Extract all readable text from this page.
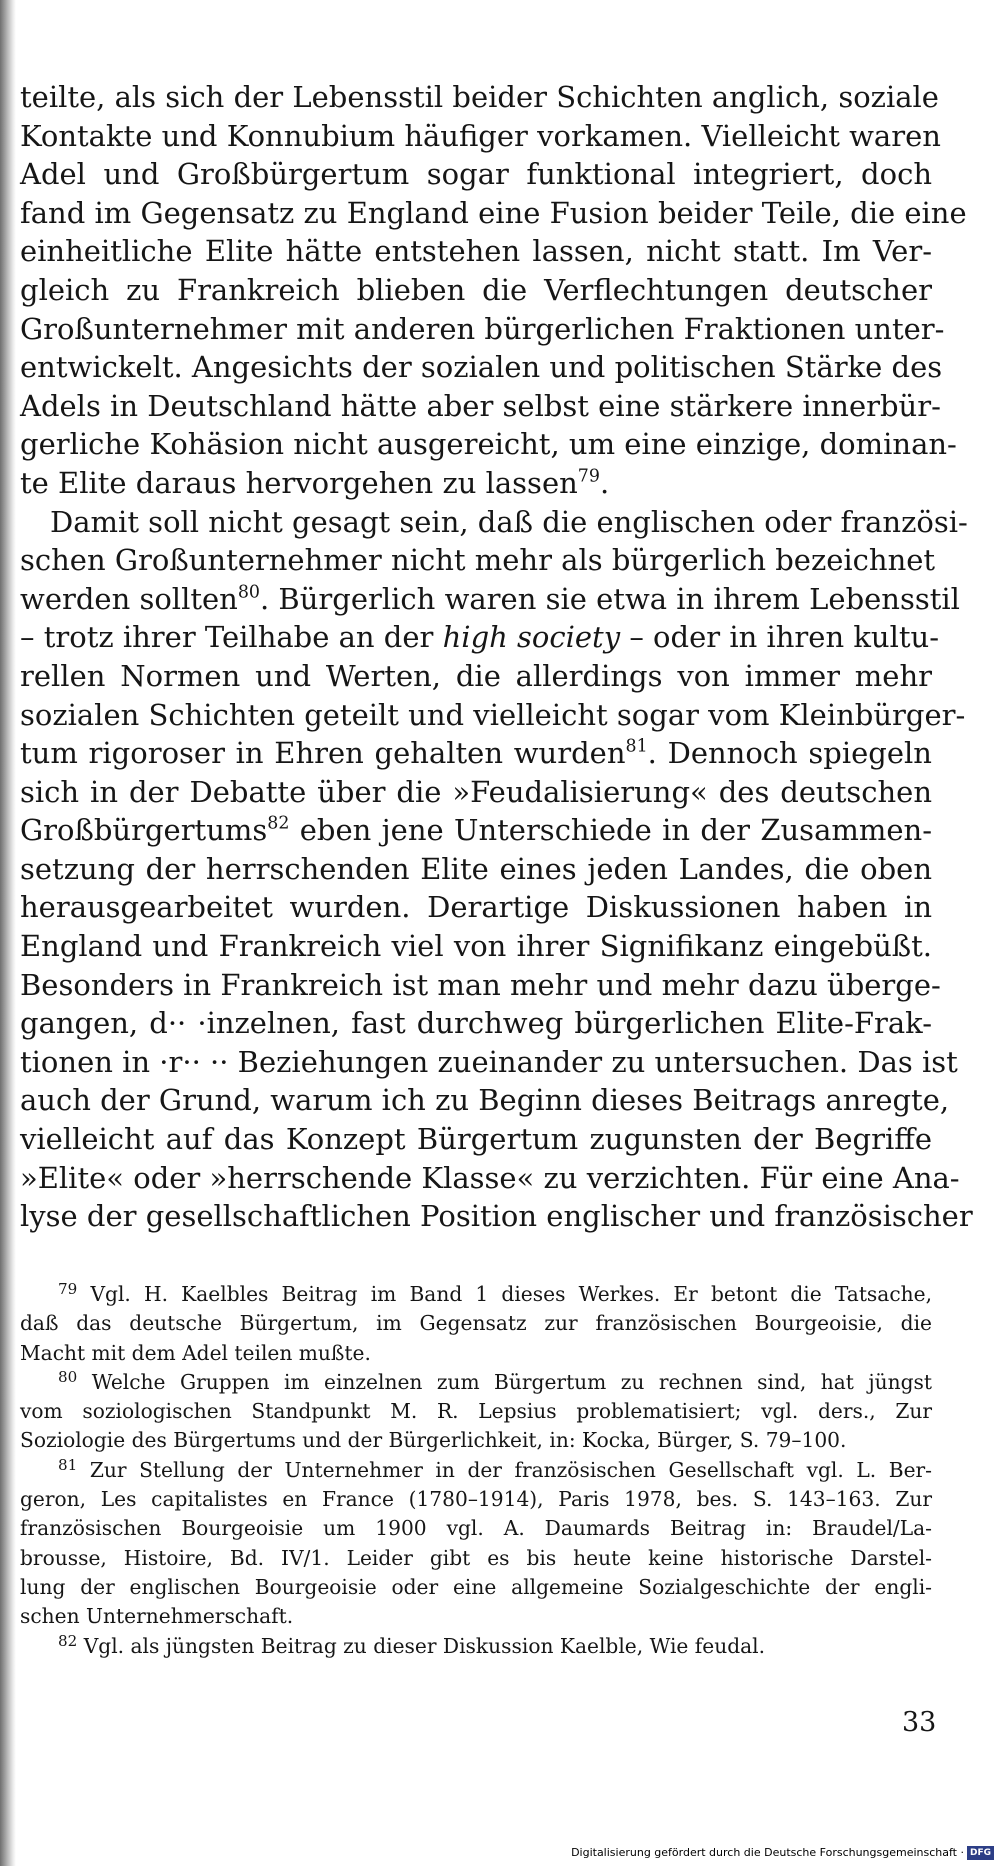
teilte, als sich der Lebensstil beider Schichten anglich, soziale
Kontakte und Konnubium häufiger vorkamen. Vielleicht waren
Adel und Großbürgertum sogar funktional integriert, doch
fand im Gegensatz zu England eine Fusion beider Teile, die eine
einheitliche Elite hätte entstehen lassen, nicht statt. Im Ver-
gleich zu Frankreich blieben die Verflechtungen deutscher
Großunternehmer mit anderen bürgerlichen Fraktionen unter-
entwickelt. Angesichts der sozialen und politischen Stärke des
Adels in Deutschland hätte aber selbst eine stärkere innerbür-
gerliche Kohäsion nicht ausgereicht, um eine einzige, dominan-
te Elite daraus hervorgehen zu lassen$^{79}$.
Damit soll nicht gesagt sein, daß die englischen oder französi-
schen Großunternehmer nicht mehr als bürgerlich bezeichnet
werden sollten$^{80}$. Bürgerlich waren sie etwa in ihrem Lebensstil
– trotz ihrer Teilhabe an der high society – oder in ihren kultu-
rellen Normen und Werten, die allerdings von immer mehr
sozialen Schichten geteilt und vielleicht sogar vom Kleinbürger-
tum rigoroser in Ehren gehalten wurden$^{81}$. Dennoch spiegeln
sich in der Debatte über die »Feudalisierung« des deutschen
Großbürgertums$^{82}$ eben jene Unterschiede in der Zusammen-
setzung der herrschenden Elite eines jeden Landes, die oben
herausgearbeitet wurden. Derartige Diskussionen haben in
England und Frankreich viel von ihrer Signifikanz eingebüßt.
Besonders in Frankreich ist man mehr und mehr dazu überge-
gangen, d·· ·inzelnen, fast durchweg bürgerlichen Elite-Frak-
tionen in ·r·· ·· Beziehungen zueinander zu untersuchen. Das ist
auch der Grund, warum ich zu Beginn dieses Beitrags anregte,
vielleicht auf das Konzept Bürgertum zugunsten der Begriffe
»Elite« oder »herrschende Klasse« zu verzichten. Für eine Ana-
lyse der gesellschaftlichen Position englischer und französischer
$^{79}$ Vgl. H. Kaelbles Beitrag im Band 1 dieses Werkes. Er betont die Tatsache,
daß das deutsche Bürgertum, im Gegensatz zur französischen Bourgeoisie, die
Macht mit dem Adel teilen mußte.
$^{80}$ Welche Gruppen im einzelnen zum Bürgertum zu rechnen sind, hat jüngst
vom soziologischen Standpunkt M. R. Lepsius problematisiert; vgl. ders., Zur
Soziologie des Bürgertums und der Bürgerlichkeit, in: Kocka, Bürger, S. 79–100.
$^{81}$ Zur Stellung der Unternehmer in der französischen Gesellschaft vgl. L. Ber-
geron, Les capitalistes en France (1780–1914), Paris 1978, bes. S. 143–163. Zur
französischen Bourgeoisie um 1900 vgl. A. Daumards Beitrag in: Braudel/La-
brousse, Histoire, Bd. IV/1. Leider gibt es bis heute keine historische Darstel-
lung der englischen Bourgeoisie oder eine allgemeine Sozialgeschichte der engli-
schen Unternehmerschaft.
$^{82}$ Vgl. als jüngsten Beitrag zu dieser Diskussion Kaelble, Wie feudal.
33
Digitalisierung gefördert durch die Deutsche Forschungsgemeinschaft · DFG
